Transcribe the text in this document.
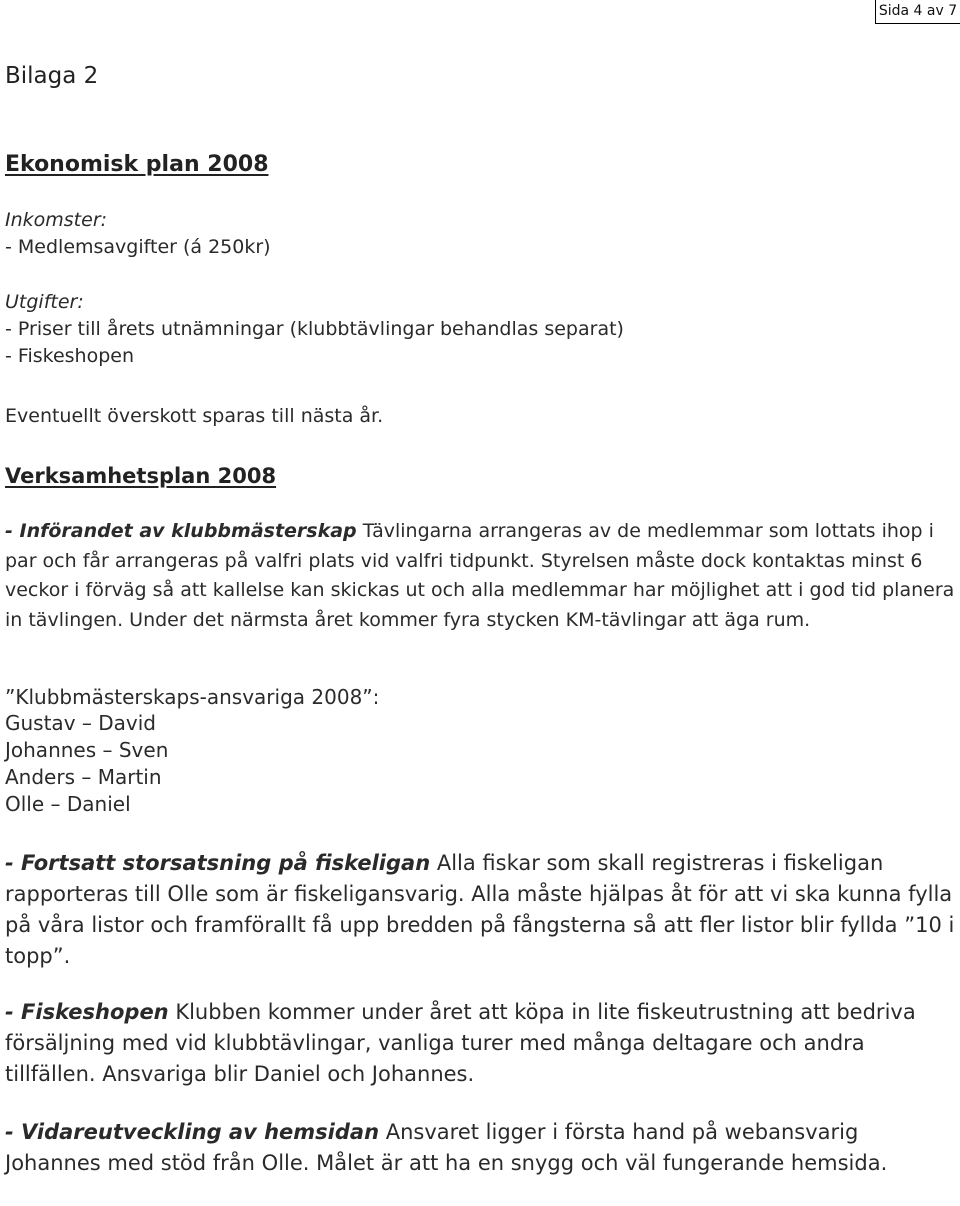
Sida 4 av 7

Bilaga 2

Ekonomisk plan 2008

Inkomster:

- Medlemsavgifter (á 250kr)

Utgifter:

- Priser till årets utnämningar (klubbtävlingar behandlas separat)

- Fiskeshopen

Eventuellt överskott sparas till nästa år.

Verksamhetsplan 2008

- Införandet av klubbmästerskap Tävlingarna arrangeras av de medlemmar som lottats ihop i par och får arrangeras på valfri plats vid valfri tidpunkt. Styrelsen måste dock kontaktas minst 6 veckor i förväg så att kallelse kan skickas ut och alla medlemmar har möjlighet att i god tid planera in tävlingen. Under det närmsta året kommer fyra stycken KM-tävlingar att äga rum.

”Klubbmästerskaps-ansvariga 2008”:

Gustav – David

Johannes – Sven

Anders – Martin

Olle – Daniel

- Fortsatt storsatsning på fiskeligan Alla fiskar som skall registreras i fiskeligan rapporteras till Olle som är fiskeligansvarig. Alla måste hjälpas åt för att vi ska kunna fylla på våra listor och framförallt få upp bredden på fångsterna så att fler listor blir fyllda ”10 i topp”.

- Fiskeshopen Klubben kommer under året att köpa in lite fiskeutrustning att bedriva försäljning med vid klubbtävlingar, vanliga turer med många deltagare och andra tillfällen. Ansvariga blir Daniel och Johannes.

- Vidareutveckling av hemsidan Ansvaret ligger i första hand på webansvarig Johannes med stöd från Olle. Målet är att ha en snygg och väl fungerande hemsida.
